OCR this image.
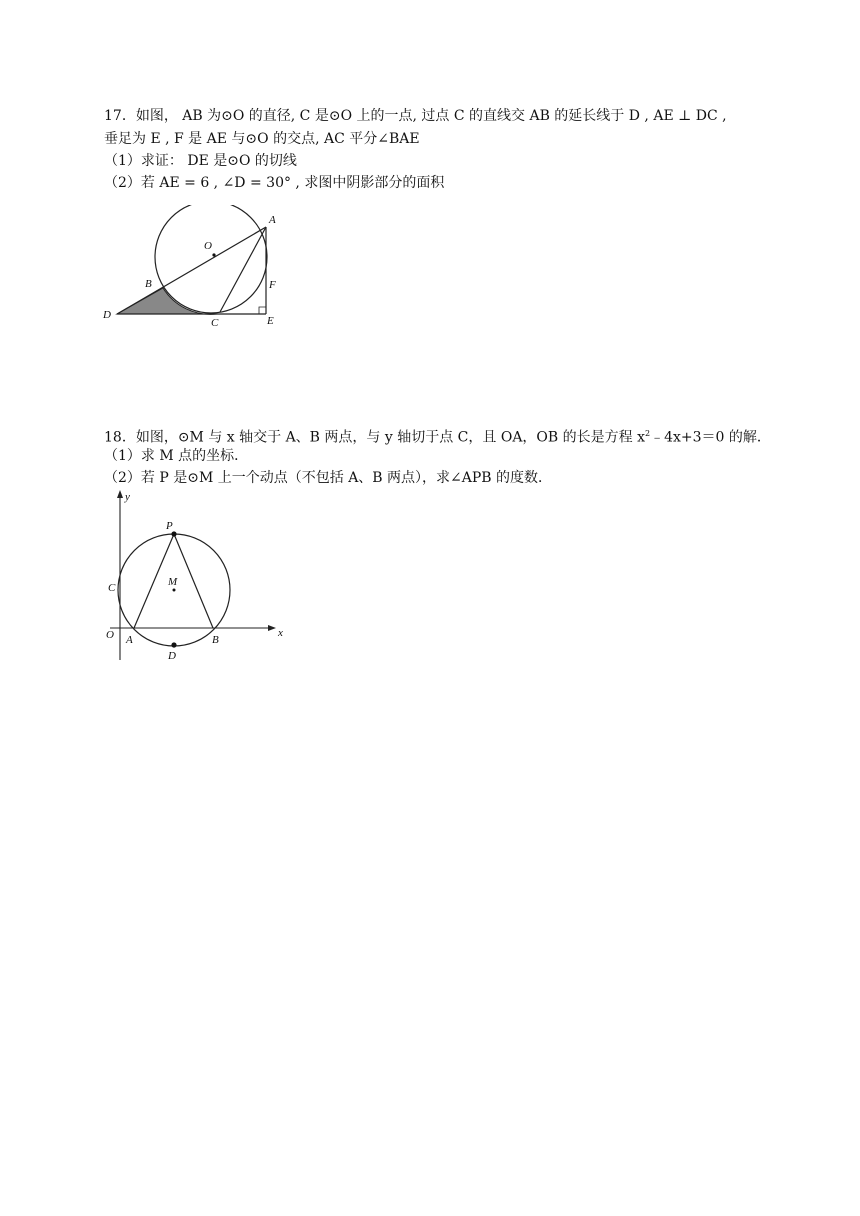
17．如图， AB 为⊙O 的直径, C 是⊙O 上的一点, 过点 C 的直线交 AB 的延长线于 D , AE ⊥ DC ,
垂足为 E , F 是 AE 与⊙O 的交点, AC 平分∠BAE
（1）求证： DE 是⊙O 的切线
（2）若 AE = 6 , ∠D = 30° , 求图中阴影部分的面积
A
O
B	F
D
C	E
18．如图，⊙M 与 x 轴交于 A、B 两点，与 y 轴切于点 C，且 OA，OB 的长是方程 $x^2﹣4x+3=0$ 的解．
（1）求 M 点的坐标．
（2）若 P 是⊙M 上一个动点（不包括 A、B 两点），求∠APB 的度数．
y
P
C	M
O A	B
x
D
